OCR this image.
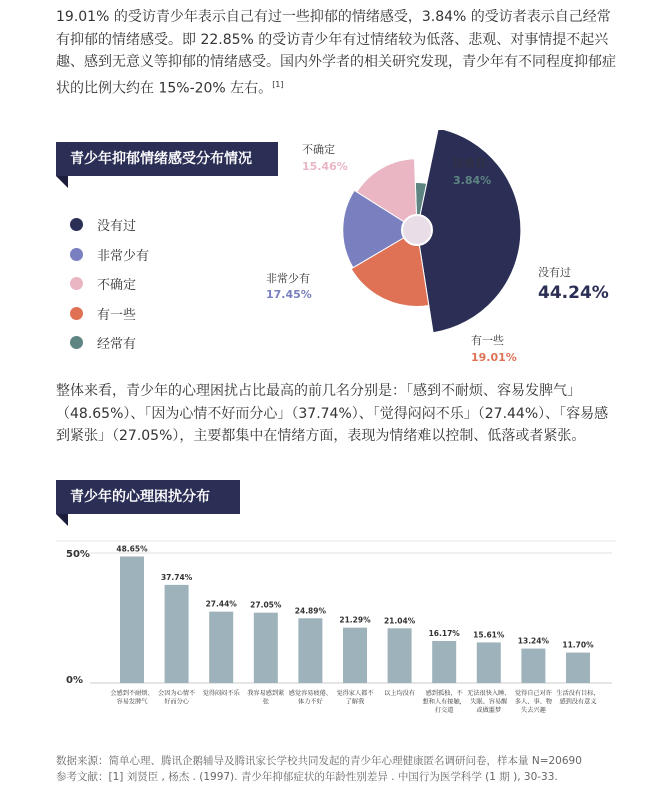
19.01% 的受访青少年表示自己有过一些抑郁的情绪感受，3.84% 的受访者表示自己经常有抑郁的情绪感受。即 22.85% 的受访青少年有过情绪较为低落、悲观、对事情提不起兴趣、感到无意义等抑郁的情绪感受。国内外学者的相关研究发现，青少年有不同程度抑郁症状的比例大约在 15%-20% 左右。[1]

青少年抑郁情绪感受分布情况
没有过
非常少有
不确定
有一些
经常有
没有过
44.24%
有一些
19.01%
非常少有
17.45%
不确定
15.46%	经常有
3.84%

整体来看，青少年的心理困扰占比最高的前几名分别是：「感到不耐烦、容易发脾气」（48.65%）、「因为心情不好而分心」（37.74%）、「觉得闷闷不乐」（27.44%）、「容易感到紧张」（27.05%），主要都集中在情绪方面，表现为情绪难以控制、低落或者紧张。

青少年的心理困扰分布
50%
0%
48.65%
会感到不耐烦、
容易发脾气
37.74%
会因为心情不
好而分心
27.44%
觉得闷闷不乐
27.05%
我容易感到紧
张
24.89%
感觉容易疲倦、
体力不好
21.29%
觉得家人都不
了解我
21.04%
以上均没有
16.17%
感到孤独，不
想和人有接触，
打交道
15.61%
无法很快入睡、
失眠、容易醒
或做噩梦
13.24%
觉得自己对许
多人、事、物
失去兴趣
11.70%
生活没有目标，
感到没有意义
数据来源：简单心理、腾讯企鹅辅导及腾讯家长学校共同发起的青少年心理健康匿名调研问卷，样本量 N=20690
参考文献：[1] 刘贤臣 , 杨杰 . (1997). 青少年抑郁症状的年龄性别差异 . 中国行为医学科学 (1 期 ), 30-33.
